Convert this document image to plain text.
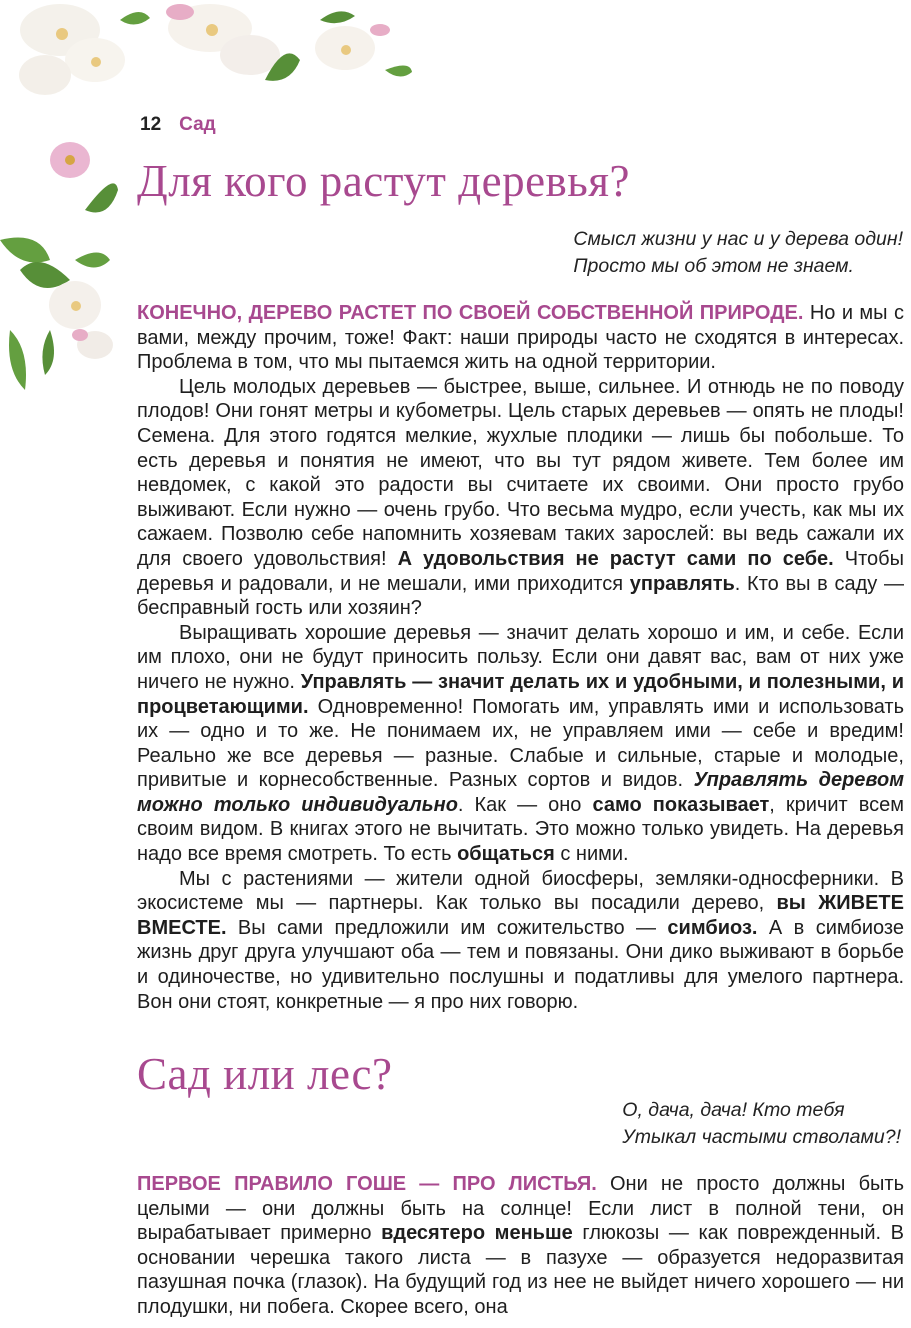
12 Сад
Для кого растут деревья?
Смысл жизни у нас и у дерева один!
Просто мы об этом не знаем.

КОНЕЧНО, ДЕРЕВО РАСТЕТ ПО СВОЕЙ СОБСТВЕННОЙ ПРИРОДЕ. Но и мы с вами, между прочим, тоже! Факт: наши природы часто не сходятся в интересах. Проблема в том, что мы пытаемся жить на одной территории.

Цель молодых деревьев — быстрее, выше, сильнее. И отнюдь не по поводу плодов! Они гонят метры и кубометры. Цель старых деревьев — опять не плоды! Семена. Для этого годятся мелкие, жухлые плодики — лишь бы побольше. То есть деревья и понятия не имеют, что вы тут рядом живете. Тем более им невдомек, с какой это радости вы считаете их своими. Они просто грубо выживают. Если нужно — очень грубо. Что весьма мудро, если учесть, как мы их сажаем. Позволю себе напомнить хозяевам таких зарослей: вы ведь сажали их для своего удовольствия! А удовольствия не растут сами по себе. Чтобы деревья и радовали, и не мешали, ими приходится управлять. Кто вы в саду — бесправный гость или хозяин?

Выращивать хорошие деревья — значит делать хорошо и им, и себе. Если им плохо, они не будут приносить пользу. Если они давят вас, вам от них уже ничего не нужно. Управлять — значит делать их и удобными, и полезными, и процветающими. Одновременно! Помогать им, управлять ими и использовать их — одно и то же. Не понимаем их, не управляем ими — себе и вредим! Реально же все деревья — разные. Слабые и сильные, старые и молодые, привитые и корнесобственные. Разных сортов и видов. Управлять деревом можно только индивидуально. Как — оно само показывает, кричит всем своим видом. В книгах этого не вычитать. Это можно только увидеть. На деревья надо все время смотреть. То есть общаться с ними.

Мы с растениями — жители одной биосферы, земляки-односферники. В экосистеме мы — партнеры. Как только вы посадили дерево, вы ЖИВЕТЕ ВМЕСТЕ. Вы сами предложили им сожительство — симбиоз. А в симбиозе жизнь друг друга улучшают оба — тем и повязаны. Они дико выживают в борьбе и одиночестве, но удивительно послушны и податливы для умелого партнера. Вон они стоят, конкретные — я про них говорю.

Сад или лес?
О, дача, дача! Кто тебя
Утыкал частыми стволами?!

ПЕРВОЕ ПРАВИЛО ГОШЕ — ПРО ЛИСТЬЯ. Они не просто должны быть целыми — они должны быть на солнце! Если лист в полной тени, он вырабатывает примерно вдесятеро меньше глюкозы — как поврежденный. В основании черешка такого листа — в пазухе — образуется недоразвитая пазушная почка (глазок). На будущий год из нее не выйдет ничего хорошего — ни плодушки, ни побега. Скорее всего, она
